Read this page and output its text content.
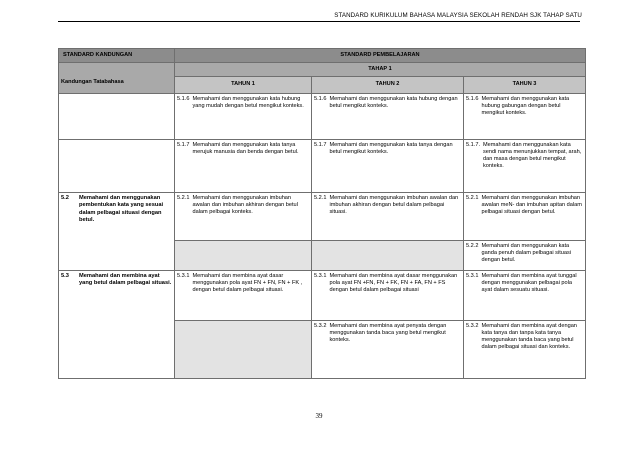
STANDARD KURIKULUM BAHASA MALAYSIA SEKOLAH RENDAH SJK TAHAP SATU
STANDARD KANDUNGAN	STANDARD PEMBELAJARAN		

Kandungan Tatabahasa	TAHAP 1		
	TAHUN 1	TAHUN 2	TAHUN 3

	5.1.6 Memahami dan menggunakan kata hubung yang mudah dengan betul mengikut konteks.	5.1.6 Memahami dan menggunakan kata hubung dengan betul mengikut konteks.	5.1.6 Memahami dan menggunakan kata hubung gabungan dengan betul mengikut konteks.

	5.1.7 Memahami dan menggunakan kata tanya merujuk manusia dan benda dengan betul.	5.1.7 Memahami dan menggunakan kata tanya dengan betul mengikut konteks.	5.1.7. Memahami dan menggunakan kata sendi nama menunjukkan tempat, arah, dan masa dengan betul mengikut konteks.

5.2 Memahami dan menggunakan pembentukan kata yang sesuai dalam pelbagai situasi dengan betul.	5.2.1 Memahami dan menggunakan imbuhan awalan dan imbuhan akhiran dengan betul dalam pelbagai konteks.	5.2.1 Memahami dan menggunakan imbuhan awalan dan imbuhan akhiran dengan betul dalam pelbagai situasi.	5.2.1 Memahami dan menggunakan imbuhan awalan meN- dan imbuhan apitan dalam pelbagai situasi dengan betul.

			5.2.2 Memahami dan menggunakan kata ganda penuh dalam pelbagai situasi dengan betul.

5.3 Memahami dan membina ayat yang betul dalam pelbagai situasi.	5.3.1 Memahami dan membina ayat dasar menggunakan pola ayat FN + FN, FN + FK , dengan betul dalam pelbagai situasi.	5.3.1 Memahami dan membina ayat dasar menggunakan pola ayat FN +FN, FN + FK, FN + FA, FN + FS dengan betul dalam pelbagai situasi	5.3.1 Memahami dan membina ayat tunggal dengan menggunakan pelbagai pola ayat dalam sesuatu situasi.

		5.3.2 Memahami dan membina ayat penyata dengan menggunakan tanda baca yang betul mengikut konteks.	5.3.2 Memahami dan membina ayat dengan kata tanya dan tanpa kata tanya menggunakan tanda baca yang betul dalam pelbagai situasi dan konteks.
39
